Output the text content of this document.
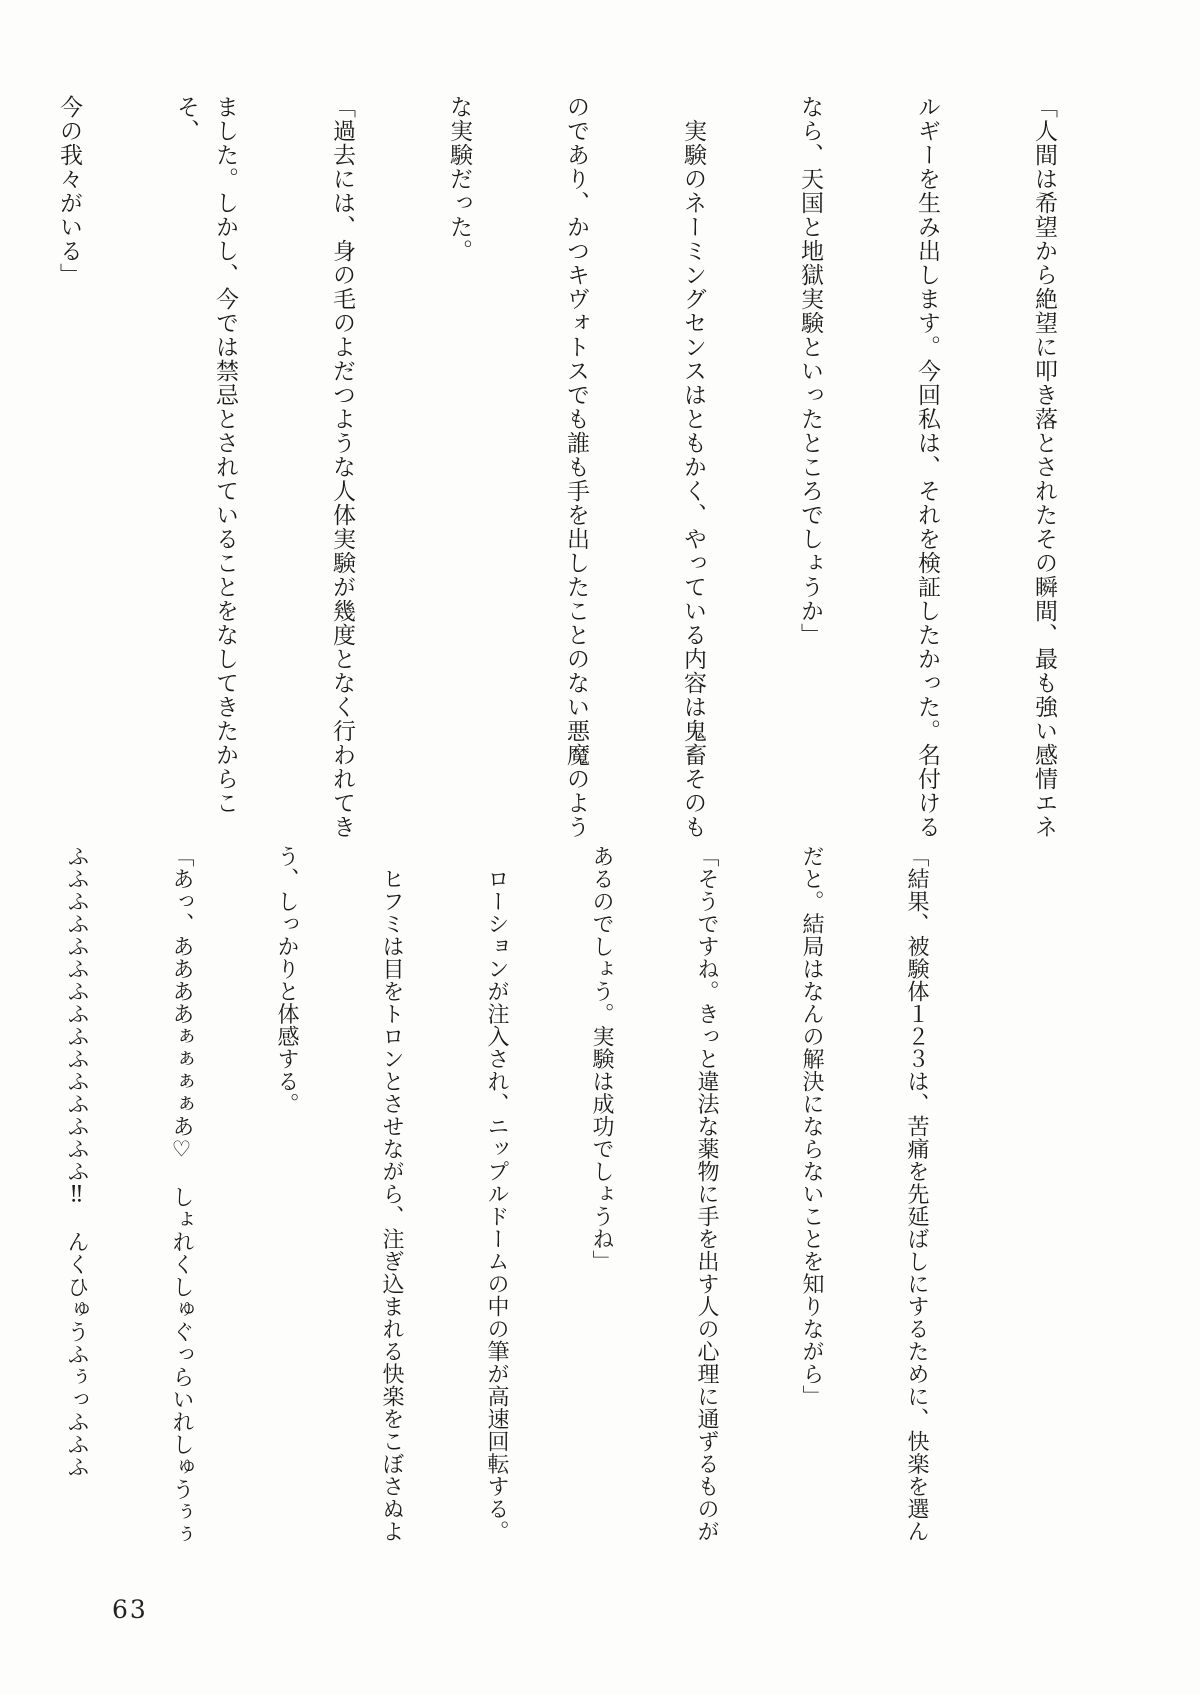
「人間は希望から絶望に叩き落とされたその瞬間、最も強い感情エネ

ルギーを生み出します。今回私は、それを検証したかった。名付ける

なら、天国と地獄実験といったところでしょうか」

　実験のネーミングセンスはともかく、やっている内容は鬼畜そのも

のであり、かつキヴォトスでも誰も手を出したことのない悪魔のよう

な実験だった。

「過去には、身の毛のよだつような人体実験が幾度となく行われてき

ました。しかし、今では禁忌とされていることをなしてきたからこそ、

今の我々がいる」

「結果、被験体１２３は、苦痛を先延ばしにするために、快楽を選ん

だと。結局はなんの解決にならないことを知りながら」

「そうですね。きっと違法な薬物に手を出す人の心理に通ずるものが

あるのでしょう。実験は成功でしょうね」

　ローションが注入され、ニップルドームの中の筆が高速回転する。

　ヒフミは目をトロンとさせながら、注ぎ込まれる快楽をこぼさぬよ

う、しっかりと体感する。

「あっ、ああああぁぁぁぁあ♡　しょれくしゅぐっらいれしゅうぅぅ

ふふふふふふふふふふふふふふふ‼　んくひゅうふぅっふふふ

63
